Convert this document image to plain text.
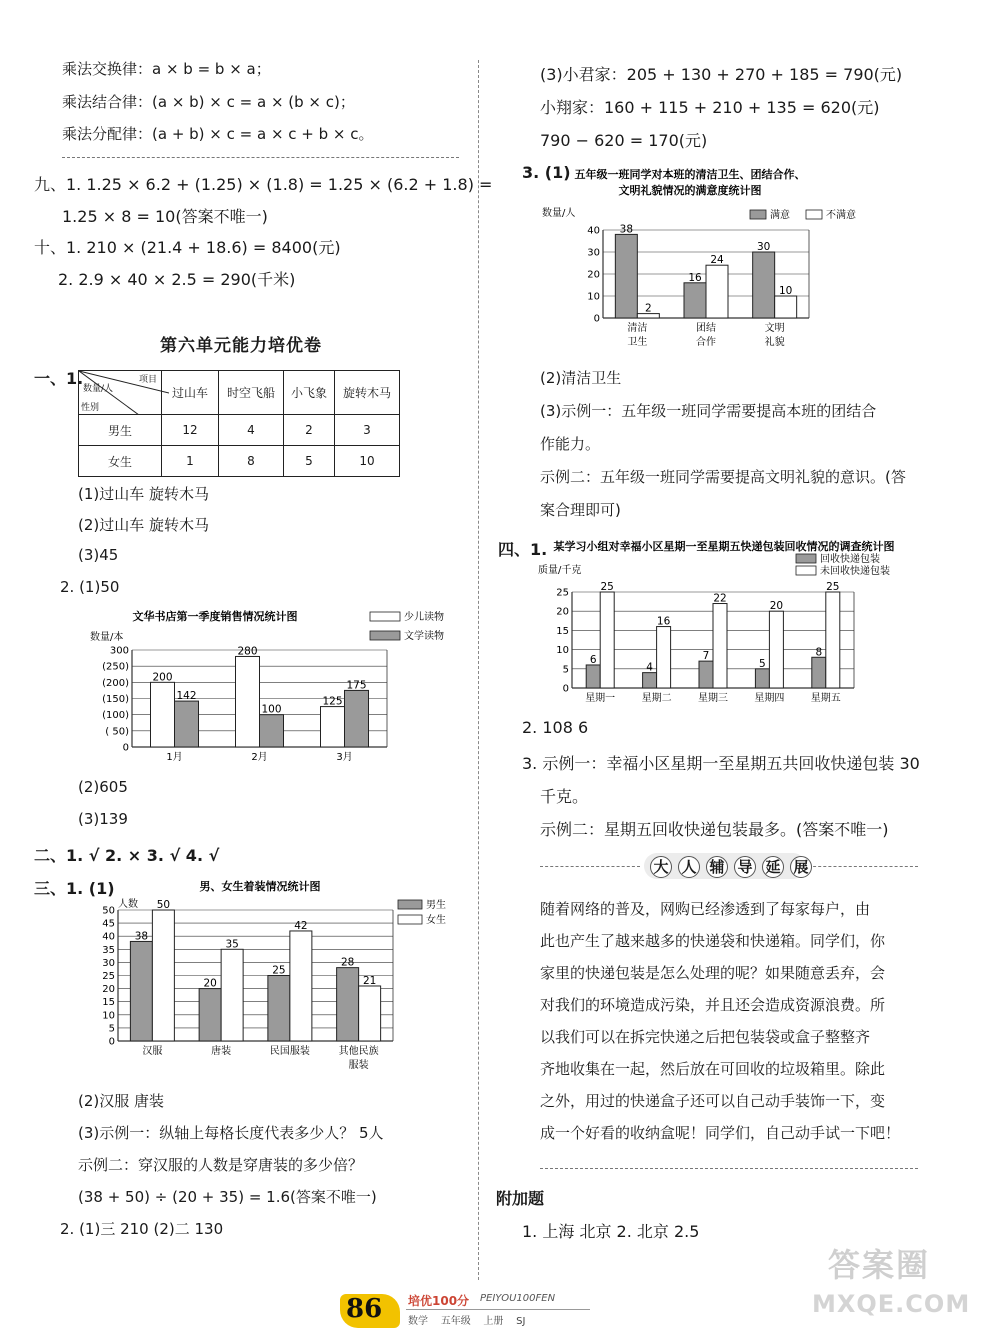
乘法交换律：a × b = b × a；
乘法结合律：(a × b) × c = a × (b × c)；
乘法分配律：(a + b) × c = a × c + b × c。
九、1. 1.25 × 6.2 + (1.25) × (1.8) = 1.25 × (6.2 + 1.8) =
1.25 × 8 = 10(答案不唯一)
十、1. 210 × (21.4 + 18.6) = 8400(元)
2. 2.9 × 40 × 2.5 = 290(千米)
第六单元能力培优卷
一、1.	项目
数量/人
性别	过山车	时空飞船	小飞象	旋转木马
男生	12	4	2	3
女生	1	8	5	10
(1)过山车 旋转木马
(2)过山车 旋转木马
(3)45
2. (1)50
文华书店第一季度销售情况统计图
数量/本
0
( 50)
(100)
(150)
(200)
(250)
300
200
142
1月
280
100
2月
125
175
3月
少儿读物
文学读物
(2)605
(3)139
二、1. √ 2. × 3. √ 4. √
三、1. (1)	男、女生着装情况统计图
人数
0
5
10
15
20
25
30
35
40
45
50
38
50
汉服
20
35
唐装
25
42
民国服装
28
21
其他民族
服装
男生
女生
(2)汉服 唐装
(3)示例一：纵轴上每格长度代表多少人？ 5人
示例二：穿汉服的人数是穿唐装的多少倍？
(38 + 50) ÷ (20 + 35) = 1.6(答案不唯一)
2. (1)三 210 (2)二 130
(3)小君家：205 + 130 + 270 + 185 = 790(元)
小翔家：160 + 115 + 210 + 135 = 620(元)
790 − 620 = 170(元)
3. (1) 五年级一班同学对本班的清洁卫生、团结合作、
文明礼貌情况的满意度统计图
数量/人
0
10
20
30
40 38
2
清洁
卫生
16
24
团结
合作
30
10
文明
礼貌
满意	不满意
(2)清洁卫生
(3)示例一：五年级一班同学需要提高本班的团结合
作能力。
示例二：五年级一班同学需要提高文明礼貌的意识。(答
案合理即可)
四、1. 某学习小组对幸福小区星期一至星期五快递包装回收情况的调查统计图
质量/千克
0
5
10
15
20
25
6
25
星期一
4
16
星期二
7
22
星期三
5
20
星期四
8
25
星期五
回收快递包装
未回收快递包装
2. 108 6
3. 示例一：幸福小区星期一至星期五共回收快递包装 30
千克。
示例二：星期五回收快递包装最多。(答案不唯一)
大 人 辅 导 延 展
随着网络的普及，网购已经渗透到了每家每户，由
此也产生了越来越多的快递袋和快递箱。同学们，你
家里的快递包装是怎么处理的呢？如果随意丢弃，会
对我们的环境造成污染，并且还会造成资源浪费。所
以我们可以在拆完快递之后把包装袋或盒子整整齐
齐地收集在一起，然后放在可回收的垃圾箱里。除此
之外，用过的快递盒子还可以自己动手装饰一下，变
成一个好看的收纳盒呢！同学们，自己动手试一下吧！
附加题
1. 上海 北京 2. 北京 2.5
86 培优100分 PEIYOU100FEN
数学    五年级    上册    SJ
答案圈
MXQE.COM
